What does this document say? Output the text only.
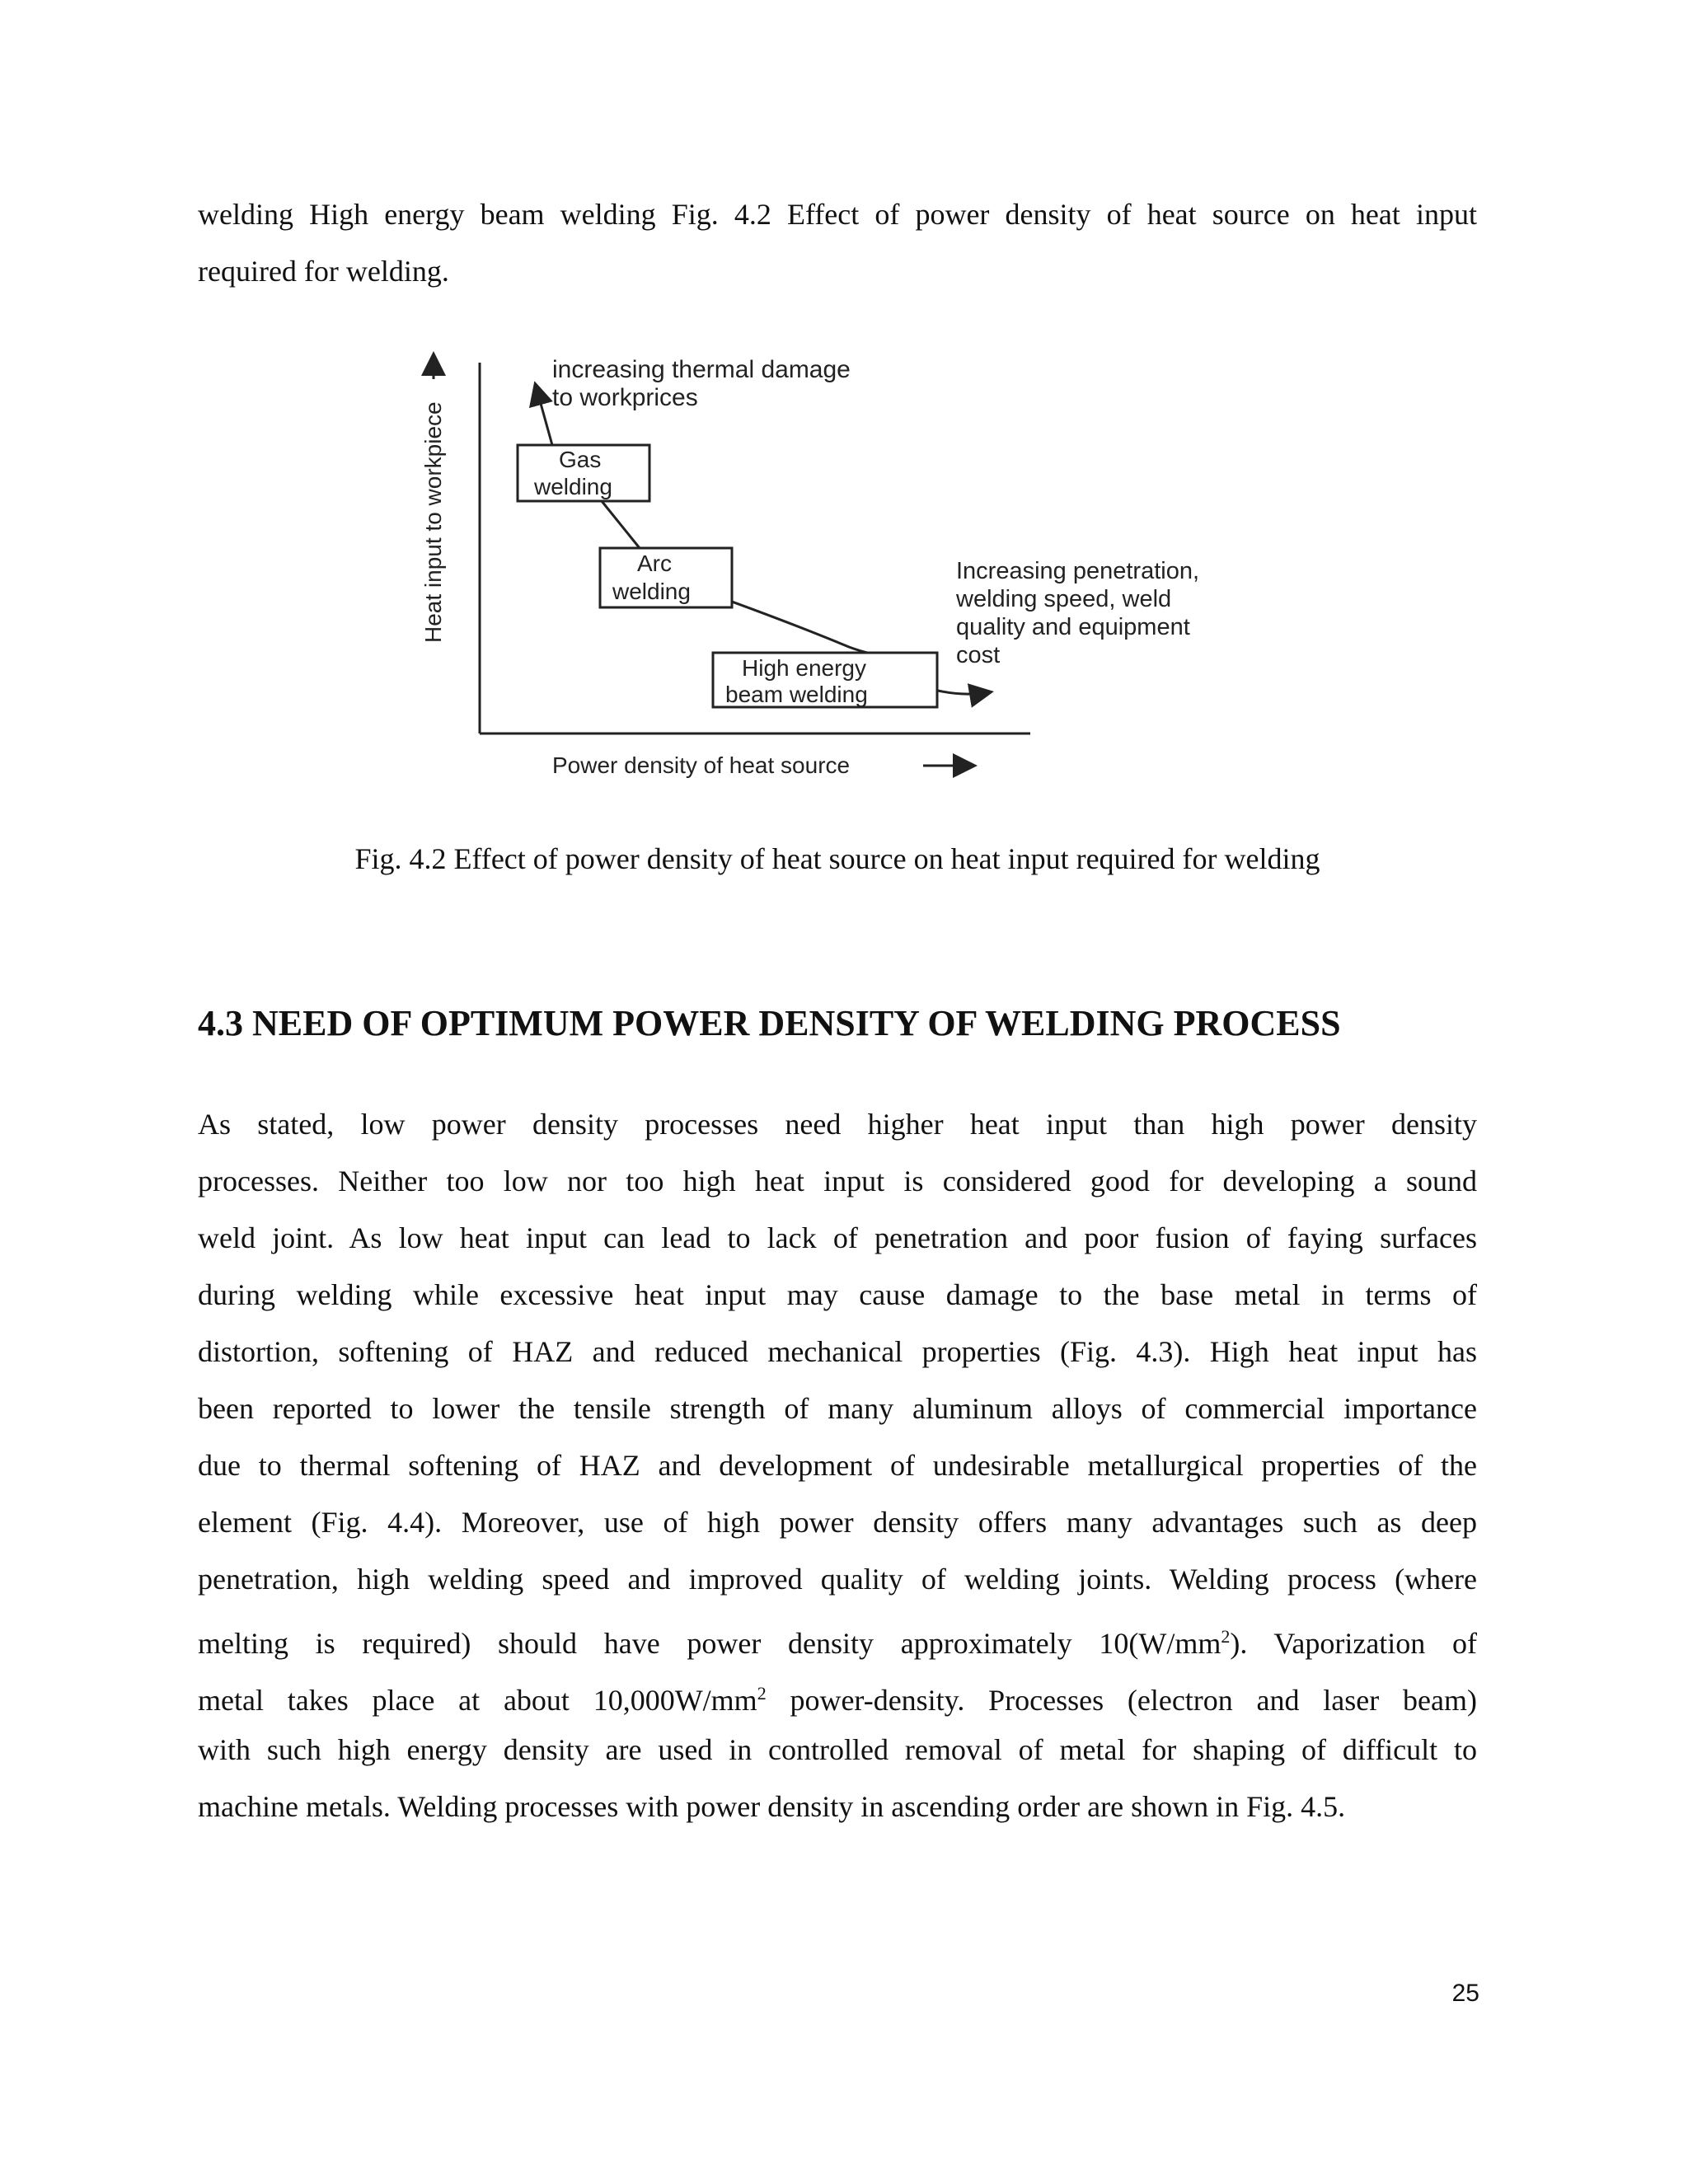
welding High energy beam welding Fig. 4.2 Effect of power density of heat source on heat input
required for welding.
Heat input to workpiece
increasing thermal damage
to workprices
Gas
welding
Arc
welding
High energy
beam welding
Increasing penetration,
welding speed, weld
quality and equipment
cost
Power density of heat source
Fig. 4.2 Effect of power density of heat source on heat input required for welding
4.3 NEED OF OPTIMUM POWER DENSITY OF WELDING PROCESS
As stated, low power density processes need higher heat input than high power density
processes. Neither too low nor too high heat input is considered good for developing a sound
weld joint. As low heat input can lead to lack of penetration and poor fusion of faying surfaces
during welding while excessive heat input may cause damage to the base metal in terms of
distortion, softening of HAZ and reduced mechanical properties (Fig. 4.3). High heat input has
been reported to lower the tensile strength of many aluminum alloys of commercial importance
due to thermal softening of HAZ and development of undesirable metallurgical properties of the
element (Fig. 4.4). Moreover, use of high power density offers many advantages such as deep
penetration, high welding speed and improved quality of welding joints. Welding process (where
melting is required) should have power density approximately $10(W/mm^2)$. Vaporization of
metal takes place at about $10,000W/mm^2$ power-density. Processes (electron and laser beam)
with such high energy density are used in controlled removal of metal for shaping of difficult to
machine metals. Welding processes with power density in ascending order are shown in Fig. 4.5.
25
